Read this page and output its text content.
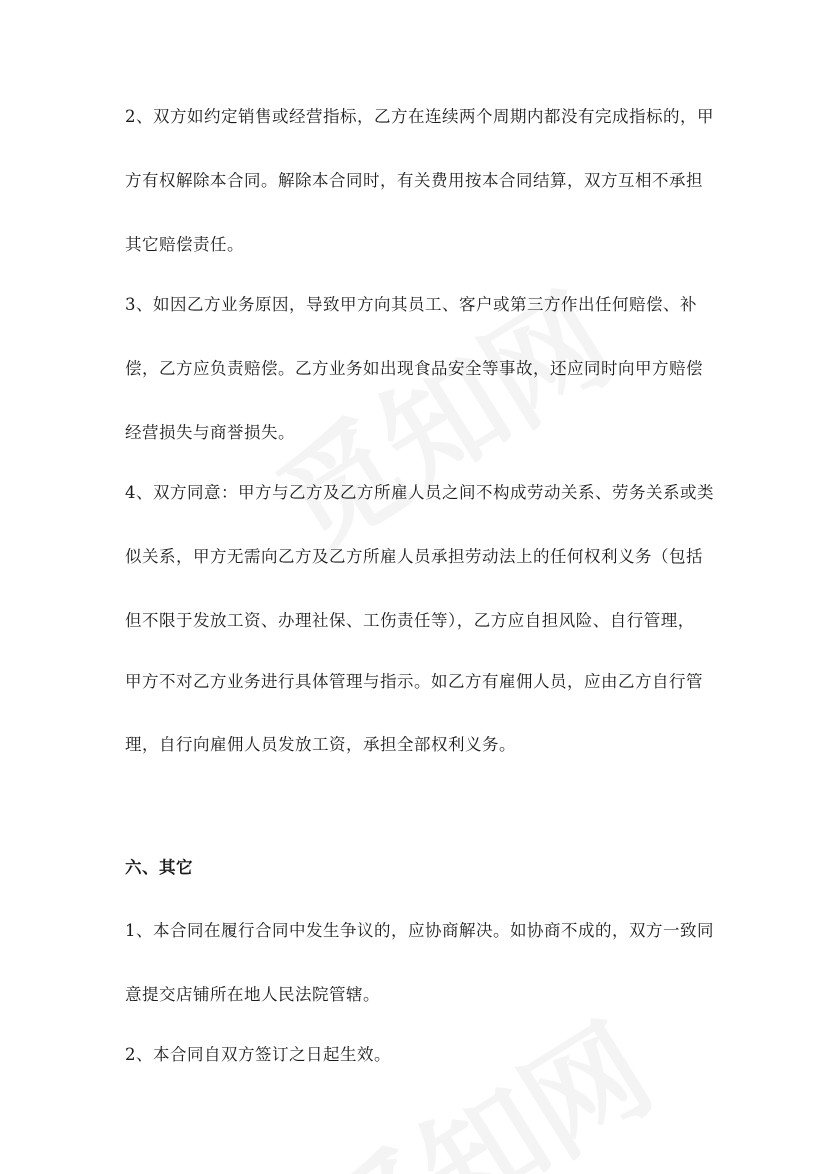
2、双方如约定销售或经营指标，乙方在连续两个周期内都没有完成指标的，甲
方有权解除本合同。解除本合同时，有关费用按本合同结算，双方互相不承担
其它赔偿责任。
3、如因乙方业务原因，导致甲方向其员工、客户或第三方作出任何赔偿、补
偿，乙方应负责赔偿。乙方业务如出现食品安全等事故，还应同时向甲方赔偿
经营损失与商誉损失。
4、双方同意：甲方与乙方及乙方所雇人员之间不构成劳动关系、劳务关系或类
似关系，甲方无需向乙方及乙方所雇人员承担劳动法上的任何权利义务（包括
但不限于发放工资、办理社保、工伤责任等），乙方应自担风险、自行管理，
甲方不对乙方业务进行具体管理与指示。如乙方有雇佣人员，应由乙方自行管
理，自行向雇佣人员发放工资，承担全部权利义务。
六、其它
1、本合同在履行合同中发生争议的，应协商解决。如协商不成的，双方一致同
意提交店铺所在地人民法院管辖。
2、本合同自双方签订之日起生效。
